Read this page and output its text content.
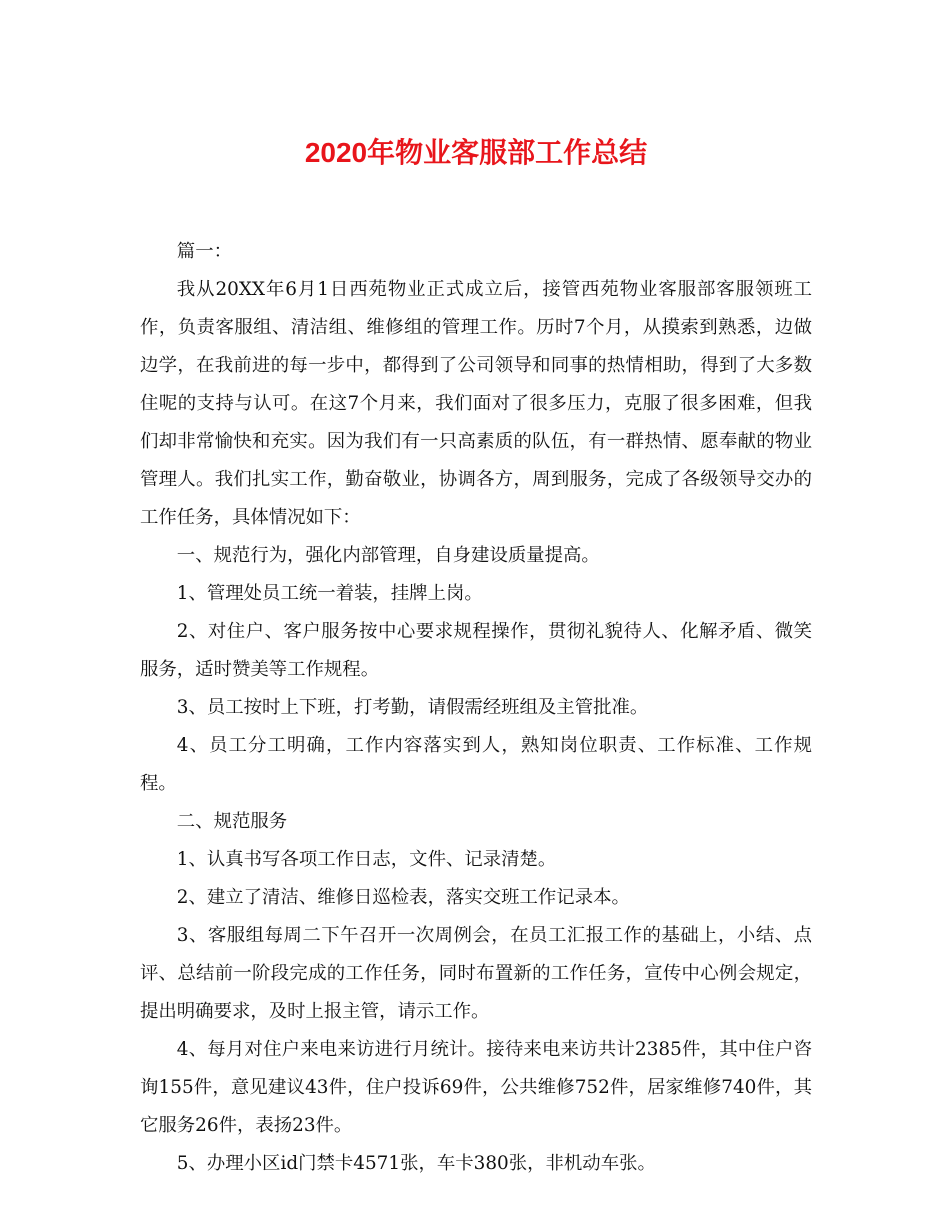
2020年物业客服部工作总结

篇一：

我从20XX年6月1日西苑物业正式成立后，接管西苑物业客服部客服领班工作，负责客服组、清洁组、维修组的管理工作。历时7个月，从摸索到熟悉，边做边学，在我前进的每一步中，都得到了公司领导和同事的热情相助，得到了大多数住呢的支持与认可。在这7个月来，我们面对了很多压力，克服了很多困难，但我们却非常愉快和充实。因为我们有一只高素质的队伍，有一群热情、愿奉献的物业管理人。我们扎实工作，勤奋敬业，协调各方，周到服务，完成了各级领导交办的工作任务，具体情况如下：

一、规范行为，强化内部管理，自身建设质量提高。

1、管理处员工统一着装，挂牌上岗。

2、对住户、客户服务按中心要求规程操作，贯彻礼貌待人、化解矛盾、微笑服务，适时赞美等工作规程。

3、员工按时上下班，打考勤，请假需经班组及主管批准。

4、员工分工明确，工作内容落实到人，熟知岗位职责、工作标准、工作规程。

二、规范服务

1、认真书写各项工作日志，文件、记录清楚。

2、建立了清洁、维修日巡检表，落实交班工作记录本。

3、客服组每周二下午召开一次周例会，在员工汇报工作的基础上，小结、点评、总结前一阶段完成的工作任务，同时布置新的工作任务，宣传中心例会规定，提出明确要求，及时上报主管，请示工作。

4、每月对住户来电来访进行月统计。接待来电来访共计2385件，其中住户咨询155件，意见建议43件，住户投诉69件，公共维修752件，居家维修740件，其它服务26件，表扬23件。

5、办理小区id门禁卡4571张，车卡380张，非机动车张。
